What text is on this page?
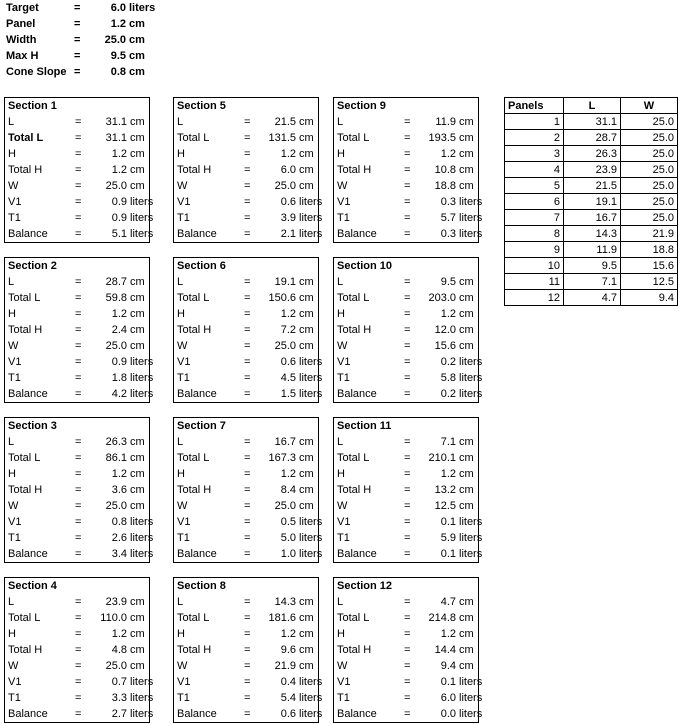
Target	=	6.0 liters
Panel	=	1.2 cm
Width	=	25.0 cm
Max H	=	9.5 cm
Cone Slope =	0.8 cm
Section 1
L	=	31.1 cm
Total L	=	31.1 cm
H	=	1.2 cm
Total H	=	1.2 cm
W	=	25.0 cm
V1	=	0.9 liters
T1	=	0.9 liters
Balance =	5.1 liters
Section 2
L	=	28.7 cm
Total L	=	59.8 cm
H	=	1.2 cm
Total H	=	2.4 cm
W	=	25.0 cm
V1	=	0.9 liters
T1	=	1.8 liters
Balance =	4.2 liters
Section 3
L	=	26.3 cm
Total L	=	86.1 cm
H	=	1.2 cm
Total H	=	3.6 cm
W	=	25.0 cm
V1	=	0.8 liters
T1	=	2.6 liters
Balance =	3.4 liters
Section 4
L	=	23.9 cm
Total L	=	110.0 cm
H	=	1.2 cm
Total H	=	4.8 cm
W	=	25.0 cm
V1	=	0.7 liters
T1	=	3.3 liters
Balance =	2.7 liters
Section 5
L	=	21.5 cm
Total L	=	131.5 cm
H	=	1.2 cm
Total H	=	6.0 cm
W	=	25.0 cm
V1	=	0.6 liters
T1	=	3.9 liters
Balance =	2.1 liters
Section 6
L	=	19.1 cm
Total L	=	150.6 cm
H	=	1.2 cm
Total H	=	7.2 cm
W	=	25.0 cm
V1	=	0.6 liters
T1	=	4.5 liters
Balance =	1.5 liters
Section 7
L	=	16.7 cm
Total L	=	167.3 cm
H	=	1.2 cm
Total H	=	8.4 cm
W	=	25.0 cm
V1	=	0.5 liters
T1	=	5.0 liters
Balance =	1.0 liters
Section 8
L	=	14.3 cm
Total L	=	181.6 cm
H	=	1.2 cm
Total H	=	9.6 cm
W	=	21.9 cm
V1	=	0.4 liters
T1	=	5.4 liters
Balance =	0.6 liters
Section 9
L	=	11.9 cm
Total L	=	193.5 cm
H	=	1.2 cm
Total H	=	10.8 cm
W	=	18.8 cm
V1	=	0.3 liters
T1	=	5.7 liters
Balance =	0.3 liters
Section 10
L	=	9.5 cm
Total L	=	203.0 cm
H	=	1.2 cm
Total H	=	12.0 cm
W	=	15.6 cm
V1	=	0.2 liters
T1	=	5.8 liters
Balance =	0.2 liters
Section 11
L	=	7.1 cm
Total L	=	210.1 cm
H	=	1.2 cm
Total H	=	13.2 cm
W	=	12.5 cm
V1	=	0.1 liters
T1	=	5.9 liters
Balance =	0.1 liters
Section 12
L	=	4.7 cm
Total L	=	214.8 cm
H	=	1.2 cm
Total H	=	14.4 cm
W	=	9.4 cm
V1	=	0.1 liters
T1	=	6.0 liters
Balance =	0.0 liters
Panels	L	W
1	31.1	25.0
2	28.7	25.0
3	26.3	25.0
4	23.9	25.0
5	21.5	25.0
6	19.1	25.0
7	16.7	25.0
8	14.3	21.9
9	11.9	18.8
10	9.5	15.6
11	7.1	12.5
12	4.7	9.4
